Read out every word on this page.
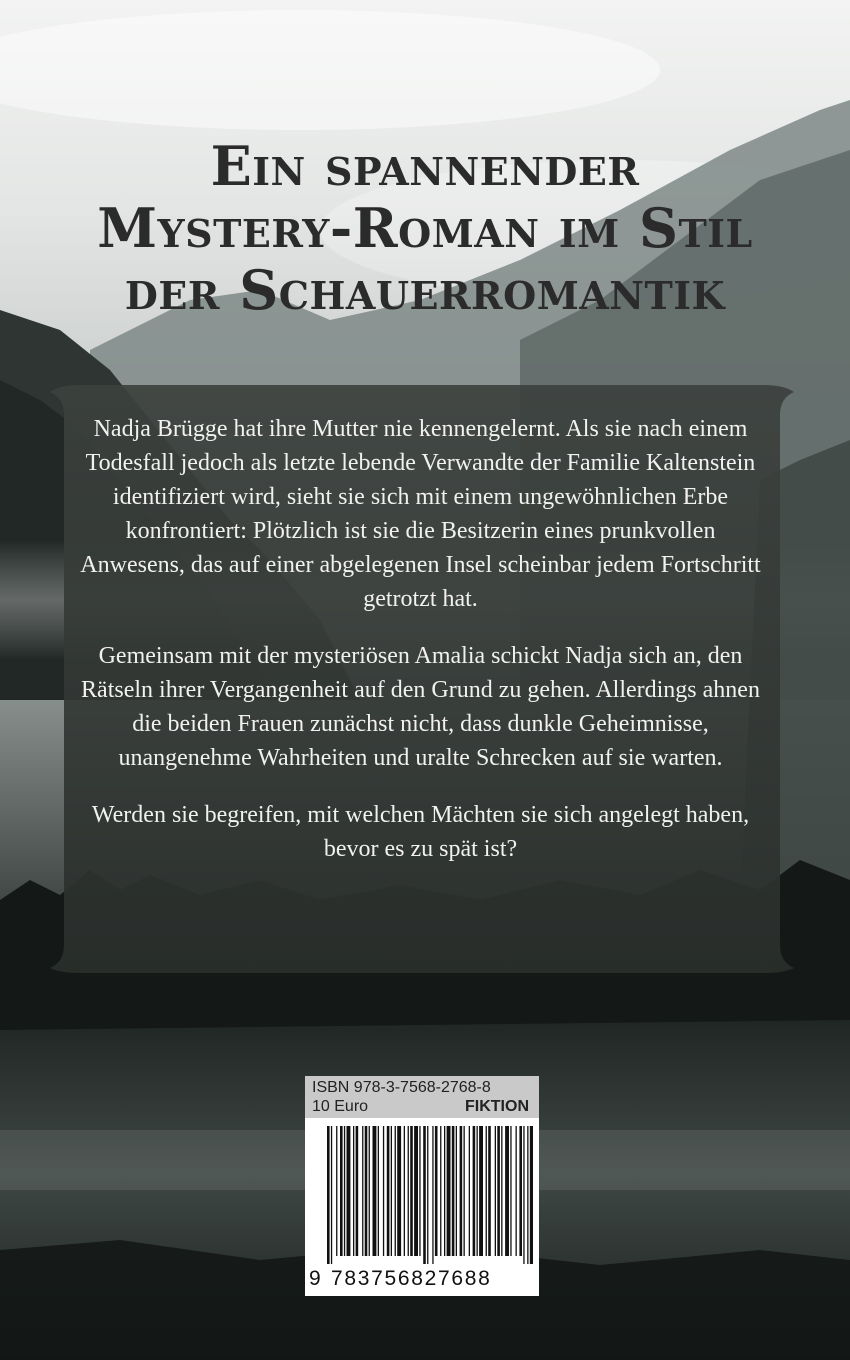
Ein spannender
Mystery-Roman im Stil
der Schauerromantik

Nadja Brügge hat ihre Mutter nie kennengelernt. Als sie nach einem Todesfall jedoch als letzte lebende Verwandte der Familie Kaltenstein identifiziert wird, sieht sie sich mit einem ungewöhnlichen Erbe konfrontiert: Plötzlich ist sie die Besitzerin eines prunkvollen Anwesens, das auf einer abgelegenen Insel scheinbar jedem Fortschritt getrotzt hat.

Gemeinsam mit der mysteriösen Amalia schickt Nadja sich an, den Rätseln ihrer Vergangenheit auf den Grund zu gehen. Allerdings ahnen die beiden Frauen zunächst nicht, dass dunkle Geheimnisse, unangenehme Wahrheiten und uralte Schrecken auf sie warten.

Werden sie begreifen, mit welchen Mächten sie sich angelegt haben, bevor es zu spät ist?

ISBN 978-3-7568-2768-8
10 Euro	FIKTION
9 783756827688
